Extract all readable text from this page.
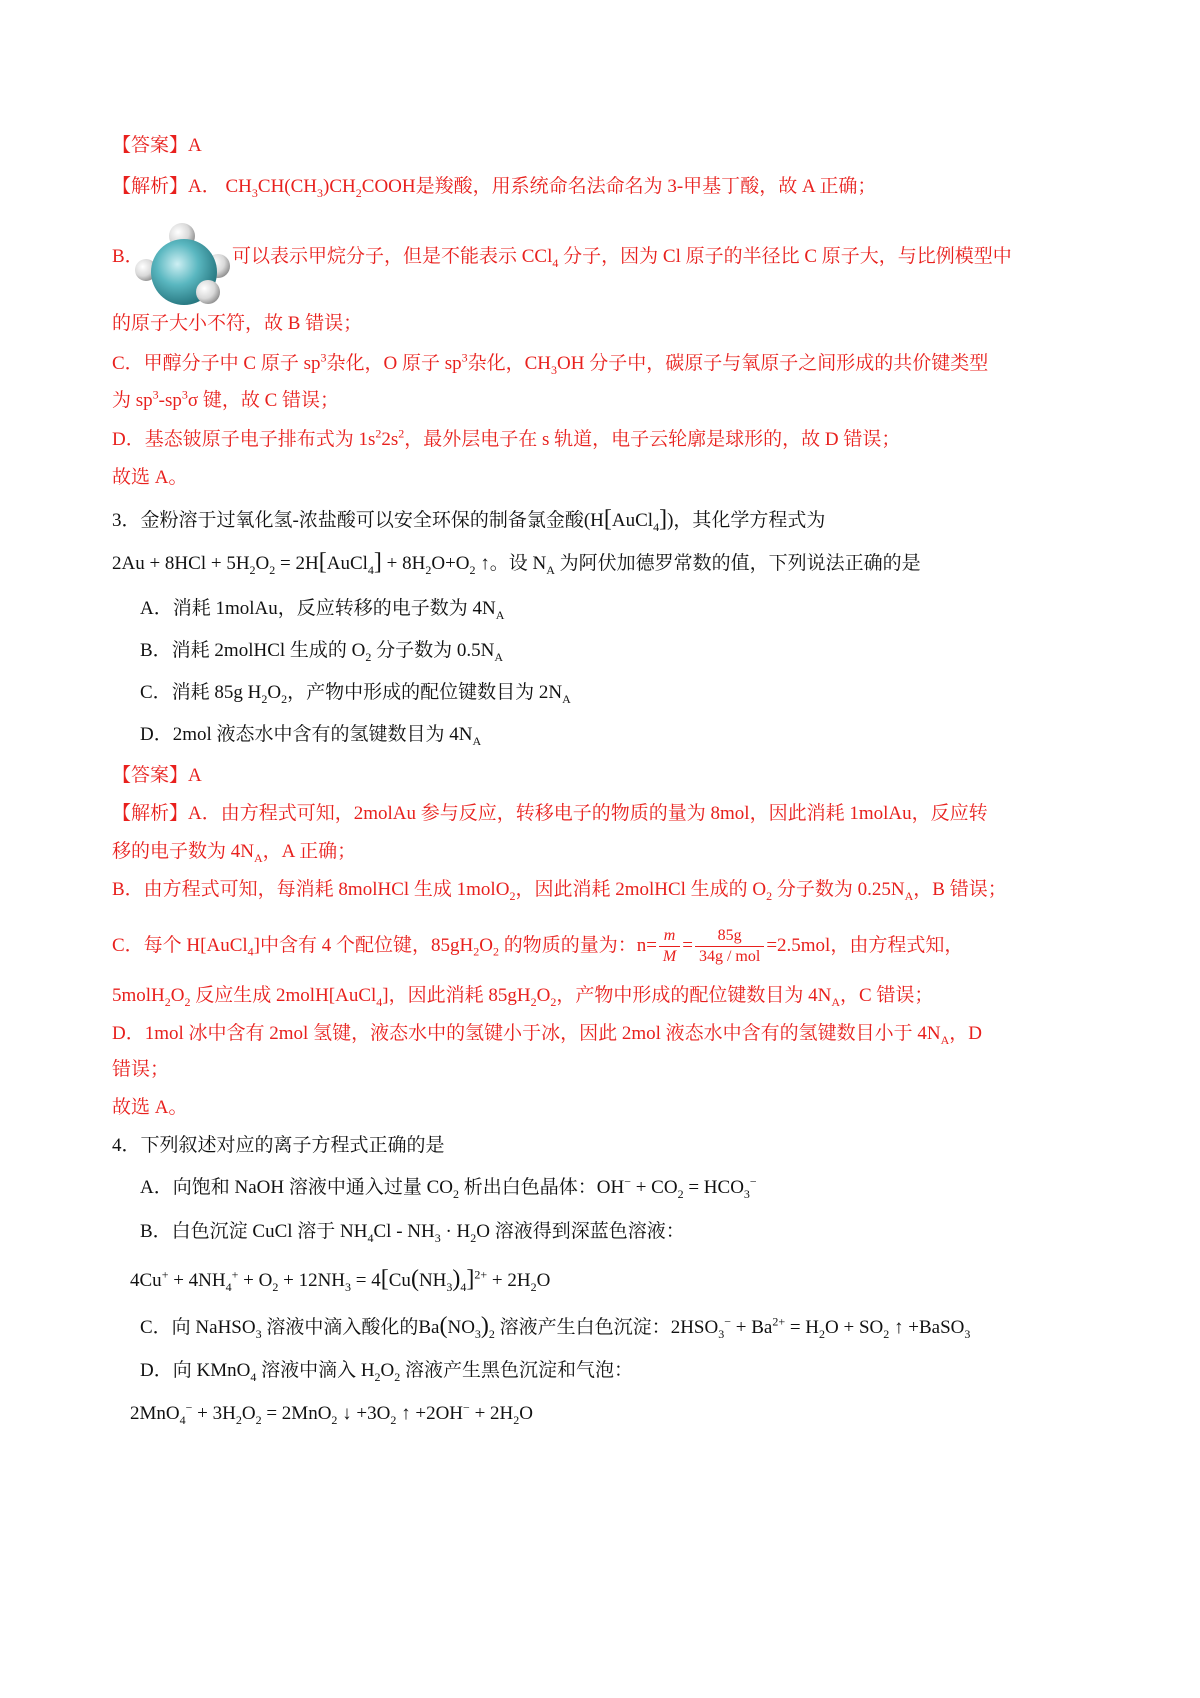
【答案】A
【解析】A． $CH_3CH(CH_3)CH_2COOH$是羧酸，用系统命名法命名为 3-甲基丁酸，故 A 正确；
B．	可以表示甲烷分子，但是不能表示 CCl$_4$ 分子，因为 Cl 原子的半径比 C 原子大，与比例模型中
的原子大小不符，故 B 错误；
C．甲醇分子中 C 原子 $sp^3$杂化，O 原子 $sp^3$杂化，$CH_3OH$ 分子中，碳原子与氧原子之间形成的共价键类型
为 $sp^3-sp^3\sigma$ 键，故 C 错误；
D．基态铍原子电子排布式为 $1s^22s^2$，最外层电子在 s 轨道，电子云轮廓是球形的，故 D 错误；
故选 A。
3．金粉溶于过氧化氢-浓盐酸可以安全环保的制备氯金酸(H[AuCl$_4$])，其化学方程式为
$2Au + 8HCl + 5H_2O_2$ = 2H[AuCl$_4$] + $8H_2O+O_2$ ↑。设 $N_A$ 为阿伏加德罗常数的值，下列说法正确的是
A．消耗 1molAu，反应转移的电子数为 $4N_A$
B．消耗 2molHCl 生成的 $O_2$ 分子数为 $0.5N_A$
C．消耗 85g $H_2O_2$，产物中形成的配位键数目为 $2N_A$
D．2mol 液态水中含有的氢键数目为 $4N_A$
【答案】A
【解析】A．由方程式可知，2molAu 参与反应，转移电子的物质的量为 8mol，因此消耗 1molAu，反应转
移的电子数为 $4N_A$，A 正确；
B．由方程式可知，每消耗 8molHCl 生成 1molO$_2$，因此消耗 2molHCl 生成的 $O_2$ 分子数为 $0.25N_A$，B 错误；
C．每个 H[AuCl$_4$]中含有 4 个配位键，$85gH_2O_2$ 的物质的量为：$n= \frac{m}{M} = \frac{85g}{\text{34g / mol}} =2.5mol$，由方程式知，
$5molH_2O_2$ 反应生成 2molH[AuCl$_4$]，因此消耗 $85gH_2O_2$，产物中形成的配位键数目为 $4N_A$，C 错误；
D．1mol 冰中含有 2mol 氢键，液态水中的氢键小于冰，因此 2mol 液态水中含有的氢键数目小于 $4N_A$，D
错误；
故选 A。
4．下列叙述对应的离子方程式正确的是
A．向饱和 NaOH 溶液中通入过量 $CO_2$ 析出白色晶体：$OH^- + CO_2 = HCO_3^-$
B．白色沉淀 CuCl 溶于 $NH_4Cl - NH_3 \cdot H_2O$ 溶液得到深蓝色溶液：
$4Cu^+ + 4NH_4^+ + O_2 + 12NH_3 = 4[Cu(NH_3)_4]^{2+} + 2H_2O$
C．向 NaHSO$_3$ 溶液中滴入酸化的$Ba(NO_3)_2$ 溶液产生白色沉淀：$2HSO_3^- + Ba^{2+} = H_2O + SO_2$ ↑ +BaSO$_3$
D．向 KMnO$_4$ 溶液中滴入 $H_2O_2$ 溶液产生黑色沉淀和气泡：
$2MnO_4^- + 3H_2O_2 = 2MnO_2$ ↓ $+3O_2$ ↑ $+2OH^- + 2H_2O$
